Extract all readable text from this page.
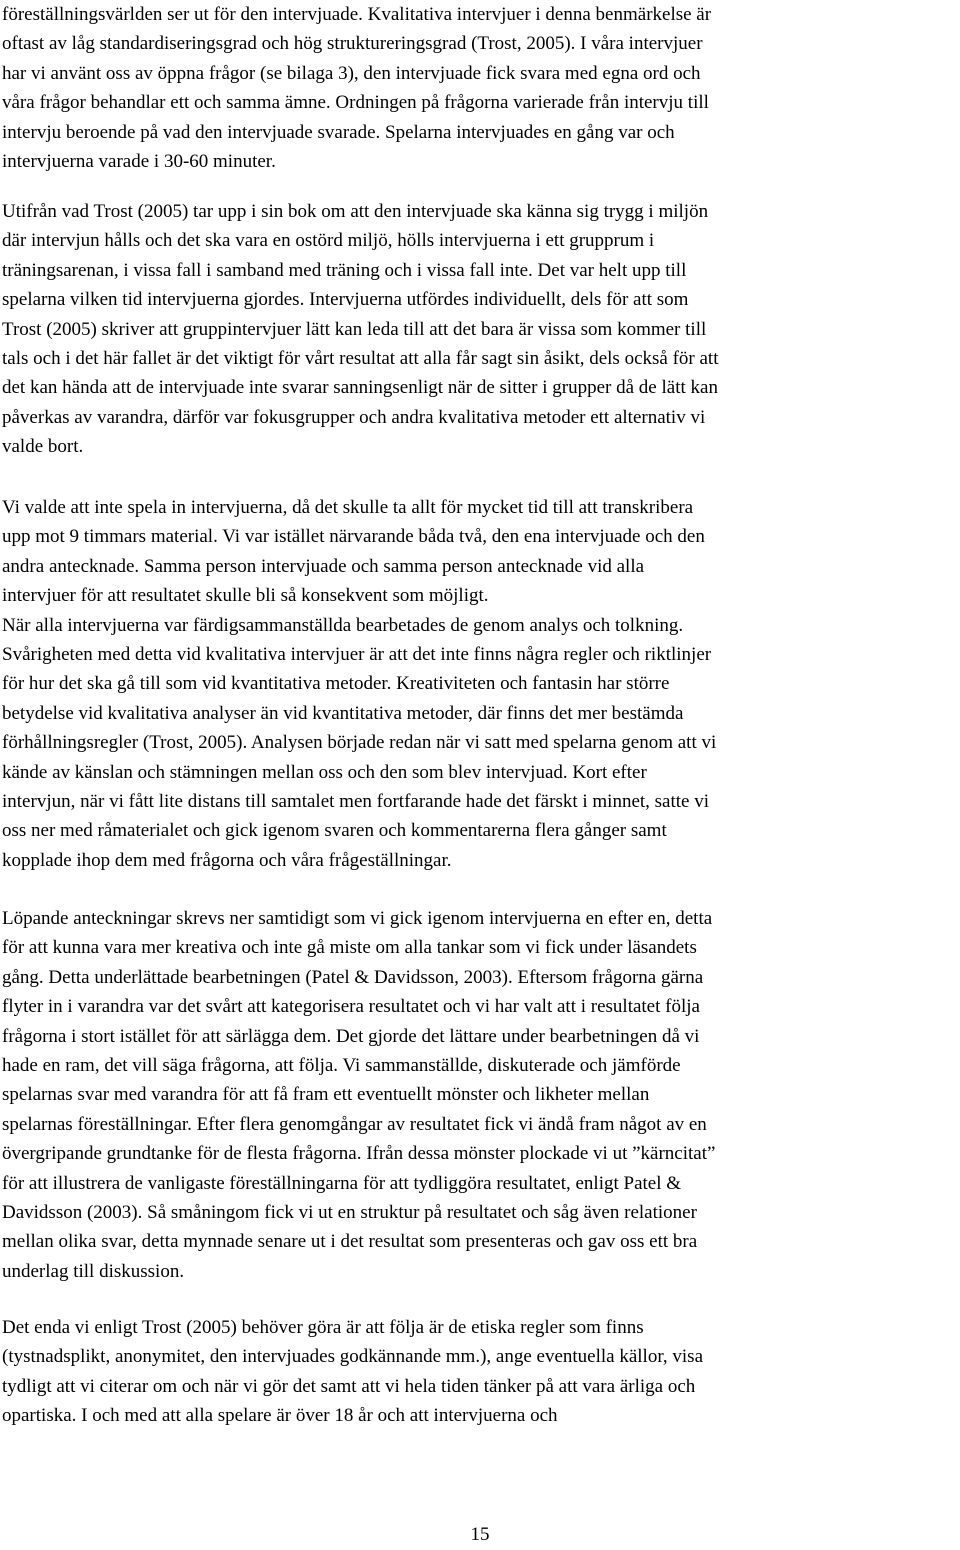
föreställningsvärlden ser ut för den intervjuade. Kvalitativa intervjuer i denna benmärkelse är
oftast av låg standardiseringsgrad och hög struktureringsgrad (Trost, 2005). I våra intervjuer
har vi använt oss av öppna frågor (se bilaga 3), den intervjuade fick svara med egna ord och
våra frågor behandlar ett och samma ämne. Ordningen på frågorna varierade från intervju till
intervju beroende på vad den intervjuade svarade. Spelarna intervjuades en gång var och
intervjuerna varade i 30-60 minuter.
Utifrån vad Trost (2005) tar upp i sin bok om att den intervjuade ska känna sig trygg i miljön
där intervjun hålls och det ska vara en ostörd miljö, hölls intervjuerna i ett grupprum i
träningsarenan, i vissa fall i samband med träning och i vissa fall inte. Det var helt upp till
spelarna vilken tid intervjuerna gjordes. Intervjuerna utfördes individuellt, dels för att som
Trost (2005) skriver att gruppintervjuer lätt kan leda till att det bara är vissa som kommer till
tals och i det här fallet är det viktigt för vårt resultat att alla får sagt sin åsikt, dels också för att
det kan hända att de intervjuade inte svarar sanningsenligt när de sitter i grupper då de lätt kan
påverkas av varandra, därför var fokusgrupper och andra kvalitativa metoder ett alternativ vi
valde bort.
Vi valde att inte spela in intervjuerna, då det skulle ta allt för mycket tid till att transkribera
upp mot 9 timmars material. Vi var istället närvarande båda två, den ena intervjuade och den
andra antecknade. Samma person intervjuade och samma person antecknade vid alla
intervjuer för att resultatet skulle bli så konsekvent som möjligt.
När alla intervjuerna var färdigsammanställda bearbetades de genom analys och tolkning.
Svårigheten med detta vid kvalitativa intervjuer är att det inte finns några regler och riktlinjer
för hur det ska gå till som vid kvantitativa metoder. Kreativiteten och fantasin har större
betydelse vid kvalitativa analyser än vid kvantitativa metoder, där finns det mer bestämda
förhållningsregler (Trost, 2005). Analysen började redan när vi satt med spelarna genom att vi
kände av känslan och stämningen mellan oss och den som blev intervjuad. Kort efter
intervjun, när vi fått lite distans till samtalet men fortfarande hade det färskt i minnet, satte vi
oss ner med råmaterialet och gick igenom svaren och kommentarerna flera gånger samt
kopplade ihop dem med frågorna och våra frågeställningar.
Löpande anteckningar skrevs ner samtidigt som vi gick igenom intervjuerna en efter en, detta
för att kunna vara mer kreativa och inte gå miste om alla tankar som vi fick under läsandets
gång. Detta underlättade bearbetningen (Patel & Davidsson, 2003). Eftersom frågorna gärna
flyter in i varandra var det svårt att kategorisera resultatet och vi har valt att i resultatet följa
frågorna i stort istället för att särlägga dem. Det gjorde det lättare under bearbetningen då vi
hade en ram, det vill säga frågorna, att följa. Vi sammanställde, diskuterade och jämförde
spelarnas svar med varandra för att få fram ett eventuellt mönster och likheter mellan
spelarnas föreställningar. Efter flera genomgångar av resultatet fick vi ändå fram något av en
övergripande grundtanke för de flesta frågorna. Ifrån dessa mönster plockade vi ut ”kärncitat”
för att illustrera de vanligaste föreställningarna för att tydliggöra resultatet, enligt Patel &
Davidsson (2003). Så småningom fick vi ut en struktur på resultatet och såg även relationer
mellan olika svar, detta mynnade senare ut i det resultat som presenteras och gav oss ett bra
underlag till diskussion.
Det enda vi enligt Trost (2005) behöver göra är att följa är de etiska regler som finns
(tystnadsplikt, anonymitet, den intervjuades godkännande mm.), ange eventuella källor, visa
tydligt att vi citerar om och när vi gör det samt att vi hela tiden tänker på att vara ärliga och
opartiska. I och med att alla spelare är över 18 år och att intervjuerna och
15
